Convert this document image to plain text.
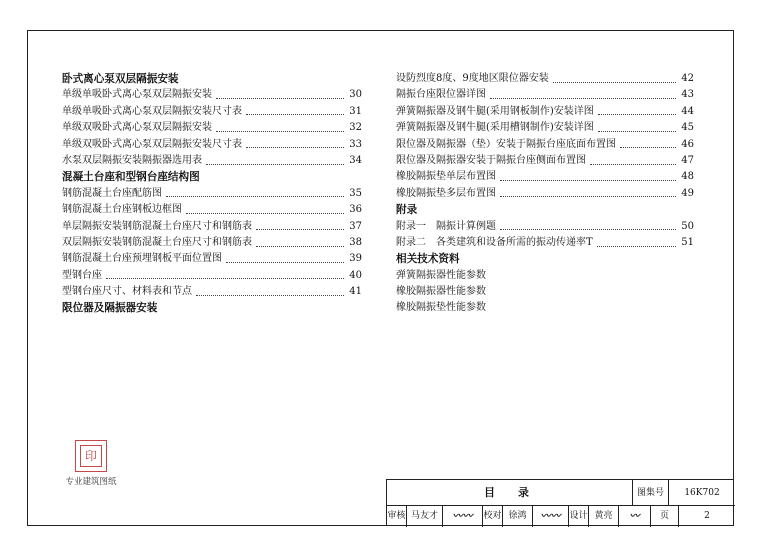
卧式离心泵双层隔振安装
单级单吸卧式离心泵双层隔振安装	30
单级单吸卧式离心泵双层隔振安装尺寸表	31
单级双吸卧式离心泵双层隔振安装	32
单级双吸卧式离心泵双层隔振安装尺寸表	33
水泵双层隔振安装隔振器选用表	34
混凝土台座和型钢台座结构图
钢筋混凝土台座配筋图	35
钢筋混凝土台座钢板边框图	36
单层隔振安装钢筋混凝土台座尺寸和钢筋表	37
双层隔振安装钢筋混凝土台座尺寸和钢筋表	38
钢筋混凝土台座预埋钢板平面位置图	39
型钢台座	40
型钢台座尺寸、材料表和节点	41
限位器及隔振器安装
设防烈度8度、9度地区限位器安装	42
隔振台座限位器详图	43
弹簧隔振器及钢牛腿(采用钢板制作)安装详图	44
弹簧隔振器及钢牛腿(采用槽钢制作)安装详图	45
限位器及隔振器（垫）安装于隔振台座底面布置图	46
限位器及隔振器安装于隔振台座侧面布置图	47
橡胶隔振垫单层布置图	48
橡胶隔振垫多层布置图	49
附录
附录一　隔振计算例题	50
附录二　各类建筑和设备所需的振动传递率T	51
相关技术资料
弹簧隔振器性能参数
橡胶隔振器性能参数
橡胶隔振垫性能参数
印
专业建筑图纸
目　录	图集号	16K702
审核 马友才	〰〰	校对 徐鸿	〰〰 设计 黄亮	〰	页	2
